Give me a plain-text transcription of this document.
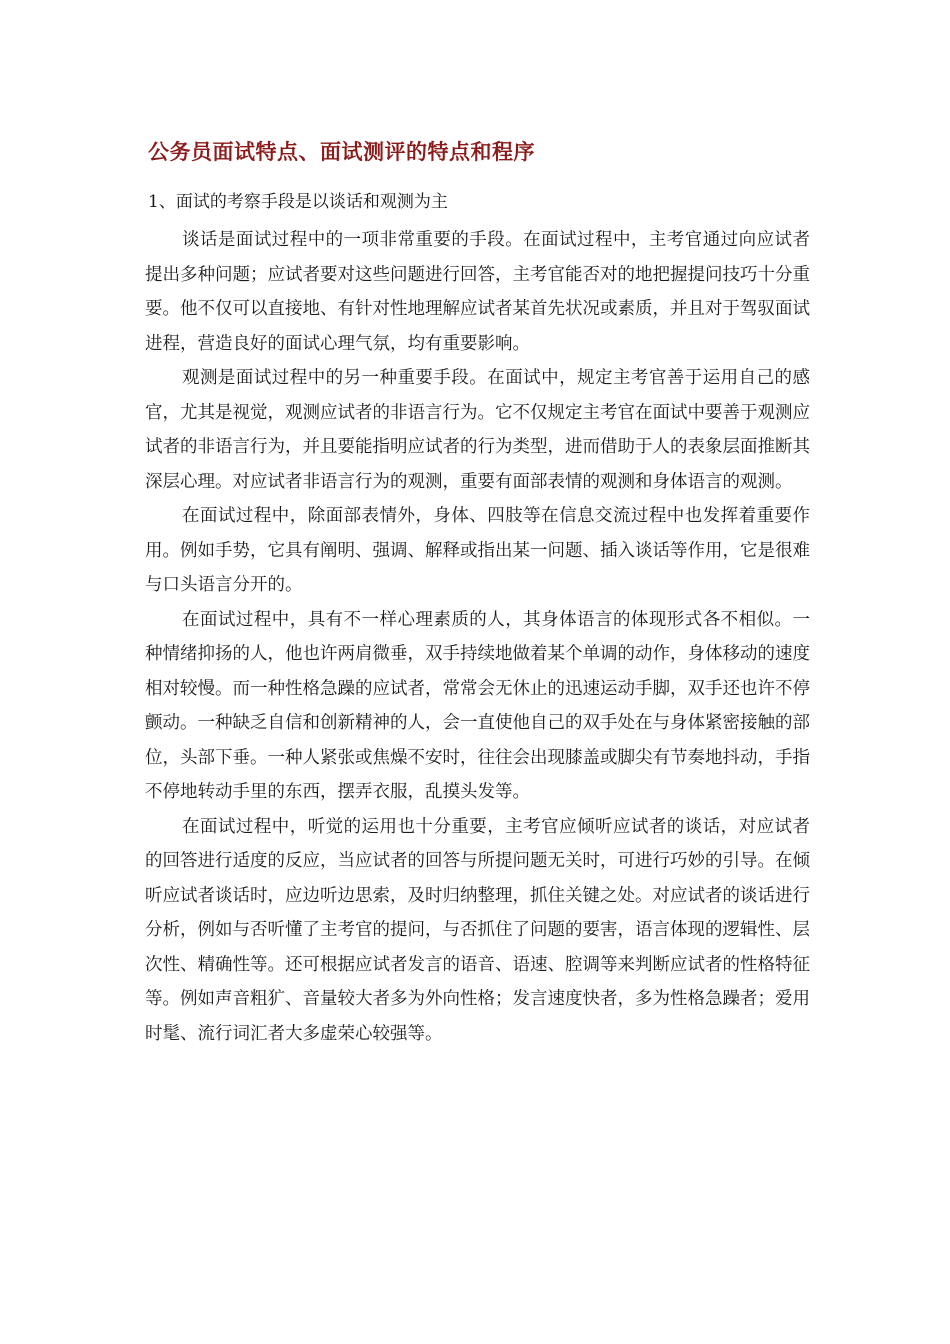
公务员面试特点、面试测评的特点和程序
1、面试的考察手段是以谈话和观测为主

谈话是面试过程中的一项非常重要的手段。在面试过程中，主考官通过向应试者提出多种问题；应试者要对这些问题进行回答，主考官能否对的地把握提问技巧十分重要。他不仅可以直接地、有针对性地理解应试者某首先状况或素质，并且对于驾驭面试进程，营造良好的面试心理气氛，均有重要影响。

观测是面试过程中的另一种重要手段。在面试中，规定主考官善于运用自己的感官，尤其是视觉，观测应试者的非语言行为。它不仅规定主考官在面试中要善于观测应试者的非语言行为，并且要能指明应试者的行为类型，进而借助于人的表象层面推断其深层心理。对应试者非语言行为的观测，重要有面部表情的观测和身体语言的观测。

在面试过程中，除面部表情外，身体、四肢等在信息交流过程中也发挥着重要作用。例如手势，它具有阐明、强调、解释或指出某一问题、插入谈话等作用，它是很难与口头语言分开的。

在面试过程中，具有不一样心理素质的人，其身体语言的体现形式各不相似。一种情绪抑扬的人，他也许两肩微垂，双手持续地做着某个单调的动作，身体移动的速度相对较慢。而一种性格急躁的应试者，常常会无休止的迅速运动手脚，双手还也许不停颤动。一种缺乏自信和创新精神的人，会一直使他自己的双手处在与身体紧密接触的部位，头部下垂。一种人紧张或焦燥不安时，往往会出现膝盖或脚尖有节奏地抖动，手指不停地转动手里的东西，摆弄衣服，乱摸头发等。

在面试过程中，听觉的运用也十分重要，主考官应倾听应试者的谈话，对应试者的回答进行适度的反应，当应试者的回答与所提问题无关时，可进行巧妙的引导。在倾听应试者谈话时，应边听边思索，及时归纳整理，抓住关键之处。对应试者的谈话进行分析，例如与否听懂了主考官的提问，与否抓住了问题的要害，语言体现的逻辑性、层次性、精确性等。还可根据应试者发言的语音、语速、腔调等来判断应试者的性格特征等。例如声音粗犷、音量较大者多为外向性格；发言速度快者，多为性格急躁者；爱用时髦、流行词汇者大多虚荣心较强等。
